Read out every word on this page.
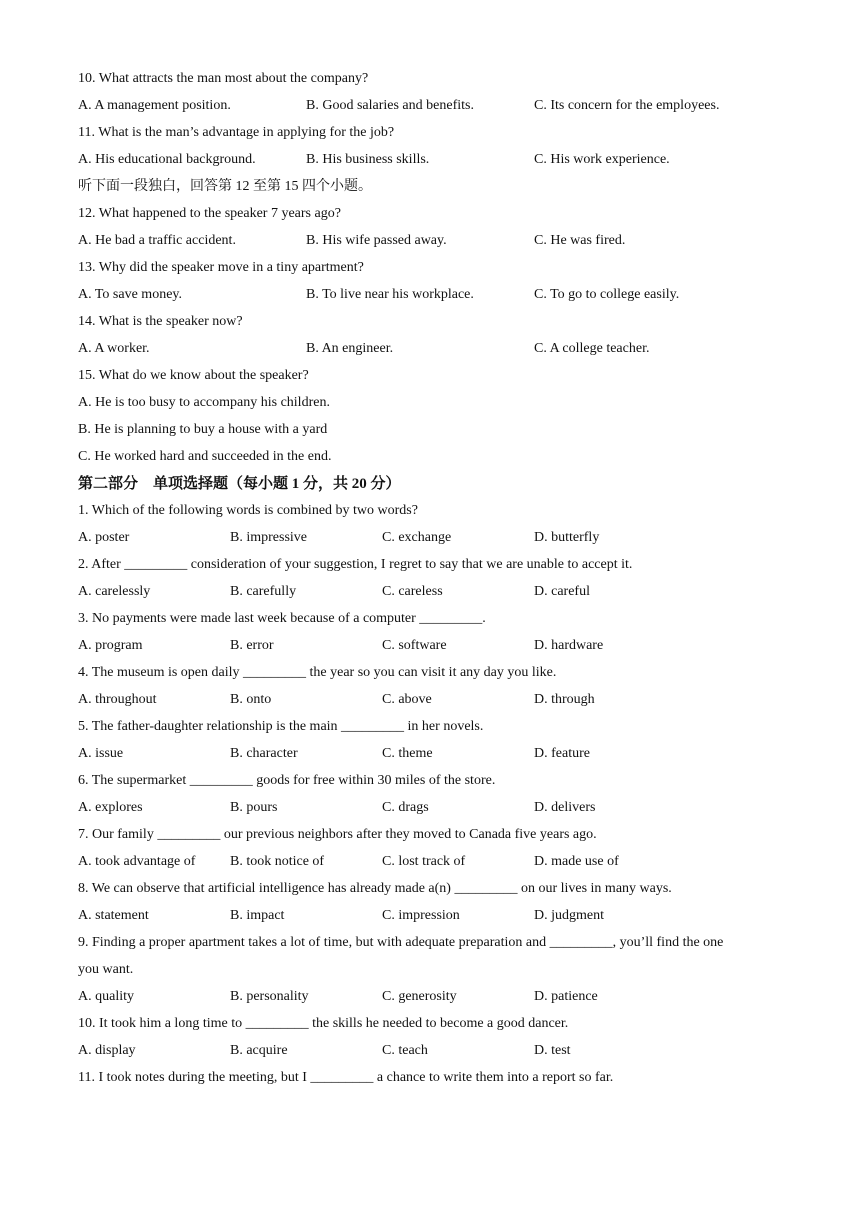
10. What attracts the man most about the company?
A. A management position.	B. Good salaries and benefits.	C. Its concern for the employees.
11. What is the man’s advantage in applying for the job?
A. His educational background.	B. His business skills.	C. His work experience.
听下面一段独白，回答第 12 至第 15 四个小题。
12. What happened to the speaker 7 years ago?
A. He bad a traffic accident.	B. His wife passed away.	C. He was fired.
13. Why did the speaker move in a tiny apartment?
A. To save money.	B. To live near his workplace.	C. To go to college easily.
14. What is the speaker now?
A. A worker.	B. An engineer.	C. A college teacher.
15. What do we know about the speaker?
A. He is too busy to accompany his children.
B. He is planning to buy a house with a yard
C. He worked hard and succeeded in the end.
第二部分　单项选择题（每小题 1 分，共 20 分）
1. Which of the following words is combined by two words?
A. poster	B. impressive	C. exchange	D. butterfly
2. After _________ consideration of your suggestion, I regret to say that we are unable to accept it.
A. carelessly	B. carefully	C. careless	D. careful
3. No payments were made last week because of a computer _________.
A. program	B. error	C. software	D. hardware
4. The museum is open daily _________ the year so you can visit it any day you like.
A. throughout	B. onto	C. above	D. through
5. The father-daughter relationship is the main _________ in her novels.
A. issue	B. character	C. theme	D. feature
6. The supermarket _________ goods for free within 30 miles of the store.
A. explores	B. pours	C. drags	D. delivers
7. Our family _________ our previous neighbors after they moved to Canada five years ago.
A. took advantage of B. took notice of	C. lost track of	D. made use of
8. We can observe that artificial intelligence has already made a(n) _________ on our lives in many ways.
A. statement	B. impact	C. impression	D. judgment
9. Finding a proper apartment takes a lot of time, but with adequate preparation and _________, you’ll find the one
you want.
A. quality	B. personality	C. generosity	D. patience
10. It took him a long time to _________ the skills he needed to become a good dancer.
A. display	B. acquire	C. teach	D. test
11. I took notes during the meeting, but I _________ a chance to write them into a report so far.
